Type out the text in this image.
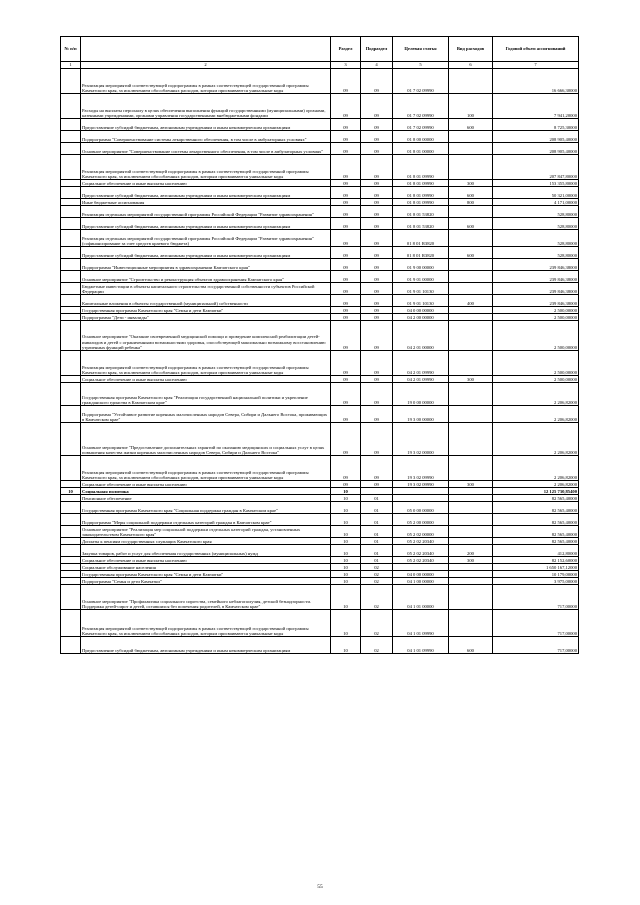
№ п/п		Раздел	Подраздел	Целевая статья	Вид расходов	Годовой объем ассигнований
1	2	3	4	5	6	7
	Реализация мероприятий соответствующей подпрограммы в рамках соответствующей государственной программы Камчатского края, за исключением обособленных расходов, которым присваиваются уникальные коды	09	09	01 7 02 09990		16 666,30000
	Расходы на выплаты персоналу в целях обеспечения выполнения функций государственными (муниципальными) органами, казенными учреждениями, органами управления государственными внебюджетными фондами	09	09	01 7 02 09990	100	7 941,20000
	Предоставление субсидий бюджетным, автономным учреждениям и иным некоммерческим организациям	09	09	01 7 02 09990	600	8 725,30000
	Подпрограмма "Совершенствование системы лекарственного обеспечения, в том числе в амбулаторных условиях"	09	09	01 8 00 00000		208 905,40000
	Основное мероприятие "Совершенствование системы лекарственного обеспечения, в том числе в амбулаторных условиях"	09	09	01 8 01 00000		208 905,40000
	Реализация мероприятий соответствующей подпрограммы в рамках соответствующей государственной программы Камчатского края, за исключением обособленных расходов, которым присваиваются уникальные коды	09	09	01 8 01 09990		207 847,80000
	Социальное обеспечение и иные выплаты населению	09	09	01 8 01 09990	300	153 355,80000
	Предоставление субсидий бюджетным, автономным учреждениям и иным некоммерческим организациям	09	09	01 8 01 09990	600	50 321,00000
	Иные бюджетные ассигнования	09	09	01 8 01 09990	800	4 171,00000
	Реализация отдельных мероприятий государственной программы Российской Федерации "Развитие здравоохранения"	09	09	01 8 01 53820		528,80000
	Предоставление субсидий бюджетным, автономным учреждениям и иным некоммерческим организациям	09	09	01 8 01 53820	600	528,80000
	Реализация отдельных мероприятий государственной программы Российской Федерации "Развитие здравоохранения" (софинансирование за счет средств краевого бюджета)	09	09	01 8 01 R3820		528,80000
	Предоставление субсидий бюджетным, автономным учреждениям и иным некоммерческим организациям	09	09	01 8 01 R3820	600	528,80000
	Подпрограмма "Инвестиционные мероприятия в здравоохранении Камчатского края"	09	09	01 9 00 00000		239 846,38000
	Основное мероприятие "Строительство и реконструкция объектов здравоохранения Камчатского края"	09	09	01 9 01 00000		239 846,38000
	Бюджетные инвестиции в объекты капитального строительства государственной собственности субъектов Российской Федерации	09	09	01 9 01 10130		239 846,38000
	Капитальные вложения в объекты государственной (муниципальной) собственности	09	09	01 9 01 10130	400	239 846,38000
	Государственная программа Камчатского края "Семья и дети Камчатки"	09	09	04 0 00 00000		2 500,00000
	Подпрограмма "Дети - инвалиды"	09	09	04 2 00 00000		2 500,00000
	Основное мероприятие "Оказание своевременной медицинской помощи и проведение комплексной реабилитации детей-инвалидов и детей с ограниченными возможностями здоровья, способствующей максимально возможному восстановлению утраченных функций ребенка"	09	09	04 2 01 00000		2 500,00000
	Реализация мероприятий соответствующей подпрограммы в рамках соответствующей государственной программы Камчатского края, за исключением обособленных расходов, которым присваиваются уникальные коды	09	09	04 2 01 09990		2 500,00000
	Социальное обеспечение и иные выплаты населению	09	09	04 2 01 09990	300	2 500,00000
	Государственная программа Камчатского края "Реализация государственной национальной политики и укрепление гражданского единства в Камчатском крае"	09	09	19 0 00 00000		2 206,82000
	Подпрограмма "Устойчивое развитие коренных малочисленных народов Севера, Сибири и Дальнего Востока, проживающих в Камчатском крае"	09	09	19 3 00 00000		2 206,82000
	Основное мероприятие "Предоставление дополнительных гарантий по оказанию медицинских и социальных услуг в целях повышения качества жизни коренных малочисленных народов Севера, Сибири и Дальнего Востока"	09	09	19 3 02 00000		2 206,82000
	Реализация мероприятий соответствующей подпрограммы в рамках соответствующей государственной программы Камчатского края, за исключением обособленных расходов, которым присваиваются уникальные коды	09	09	19 3 02 09990		2 206,82000
	Социальное обеспечение и иные выплаты населению	09	09	19 3 02 09990	300	2 206,82000
10	Социальная политика	10				12 125 730,85400
	Пенсионное обеспечение	10	01			82 565,40000
	Государственная программа Камчатского края "Социальная поддержка граждан в Камчатском крае"	10	01	05 0 00 00000		82 565,40000
	Подпрограмма "Меры социальной поддержки отдельных категорий граждан в Камчатском крае"	10	01	05 2 00 00000		82 565,40000
	Основное мероприятие "Реализация мер социальной поддержки отдельных категорий граждан, установленных законодательством Камчатского края"	10	01	05 2 02 00000		82 565,40000
	Доплаты к пенсиям государственных служащих Камчатского края	10	01	05 2 02 20340		82 565,40000
	Закупка товаров, работ и услуг для обеспечения государственных (муниципальных) нужд	10	01	05 2 02 20340	200	412,80000
	Социальное обеспечение и иные выплаты населению	10	01	05 2 02 20340	300	82 152,60000
	Социальное обслуживание населения	10	02			1 650 167,12000
	Государственная программа Камчатского края "Семья и дети Камчатки"	10	02	04 0 00 00000		10 179,00000
	Подпрограмма "Семья и дети Камчатки"	10	02	04 1 00 00000		3 975,00000
	Основное мероприятие "Профилактика социального сиротства, семейного неблагополучия, детской безнадзорности. Поддержка детей-сирот и детей, оставшихся без попечения родителей, в Камчатском крае"	10	02	04 1 01 00000		717,00000
	Реализация мероприятий соответствующей подпрограммы в рамках соответствующей государственной программы Камчатского края, за исключением обособленных расходов, которым присваиваются уникальные коды	10	02	04 1 01 09990		717,00000
	Предоставление субсидий бюджетным, автономным учреждениям и иным некоммерческим организациям	10	02	04 1 01 09990	600	717,00000
55
